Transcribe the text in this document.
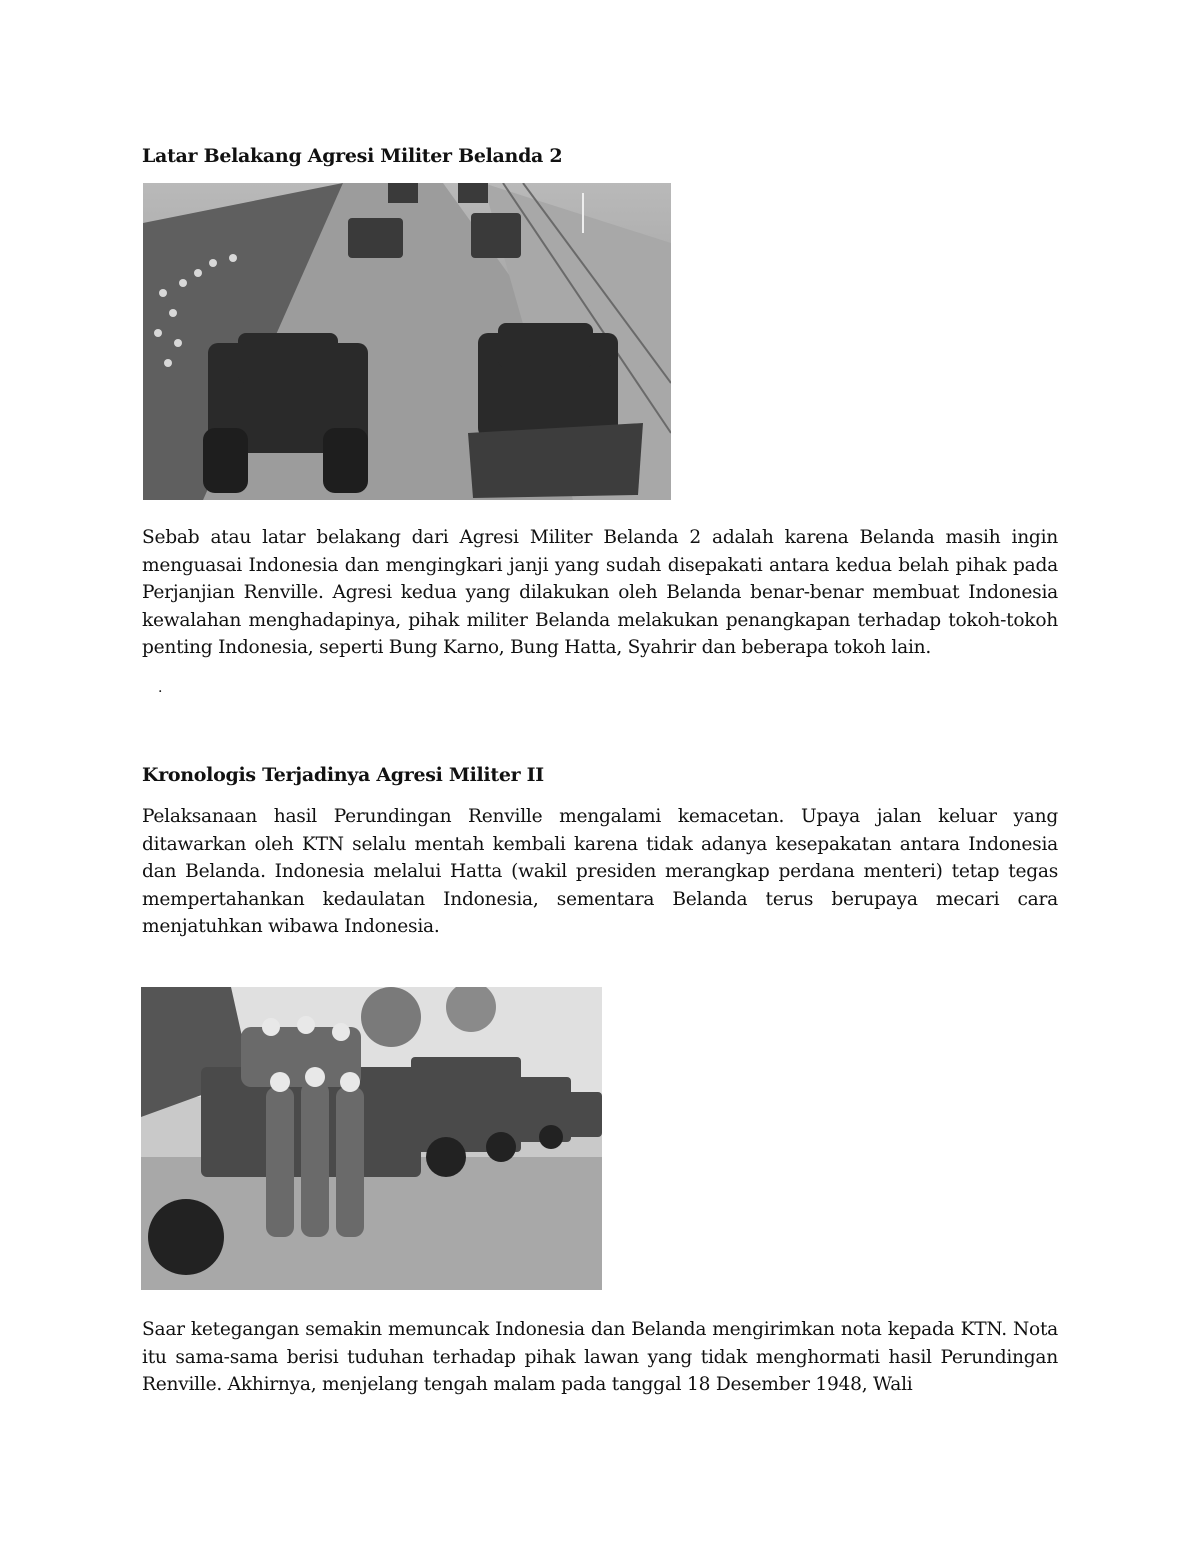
Latar Belakang Agresi Militer Belanda 2

Sebab atau latar belakang dari Agresi Militer Belanda 2 adalah karena Belanda masih ingin menguasai Indonesia dan mengingkari janji yang sudah disepakati antara kedua belah pihak pada Perjanjian Renville. Agresi kedua yang dilakukan oleh Belanda benar-benar membuat Indonesia kewalahan menghadapinya, pihak militer Belanda melakukan penangkapan terhadap tokoh-tokoh penting Indonesia, seperti Bung Karno, Bung Hatta, Syahrir dan beberapa tokoh lain.

.
Kronologis Terjadinya Agresi Militer II

Pelaksanaan hasil Perundingan Renville mengalami kemacetan. Upaya jalan keluar yang ditawarkan oleh KTN selalu mentah kembali karena tidak adanya kesepakatan antara Indonesia dan Belanda. Indonesia melalui Hatta (wakil presiden merangkap perdana menteri) tetap tegas mempertahankan kedaulatan Indonesia, sementara Belanda terus berupaya mecari cara menjatuhkan wibawa Indonesia.

Saar ketegangan semakin memuncak Indonesia dan Belanda mengirimkan nota kepada KTN. Nota itu sama-sama berisi tuduhan terhadap pihak lawan yang tidak menghormati hasil Perundingan Renville. Akhirnya, menjelang tengah malam pada tanggal 18 Desember 1948, Wali
